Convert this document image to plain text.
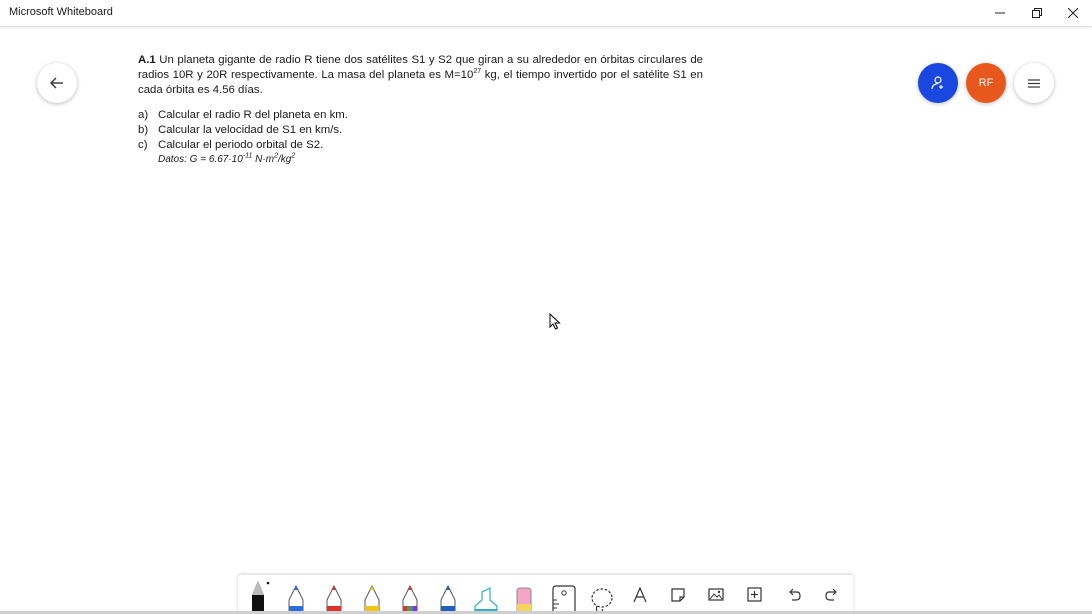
Microsoft Whiteboard
RF

A.1 Un planeta gigante de radio R tiene dos satélites S1 y S2 que giran a su alrededor en órbitas circulares de radios 10R y 20R respectivamente. La masa del planeta es $M=10^{27}$ kg, el tiempo invertido por el satélite S1 en cada órbita es 4.56 días.

a) Calcular el radio R del planeta en km.
b) Calcular la velocidad de S1 en km/s.
c) Calcular el periodo orbital de S2.
Datos: $G = 6.67\cdot 10^{-11}$ $N\cdot m^2/kg^2$
